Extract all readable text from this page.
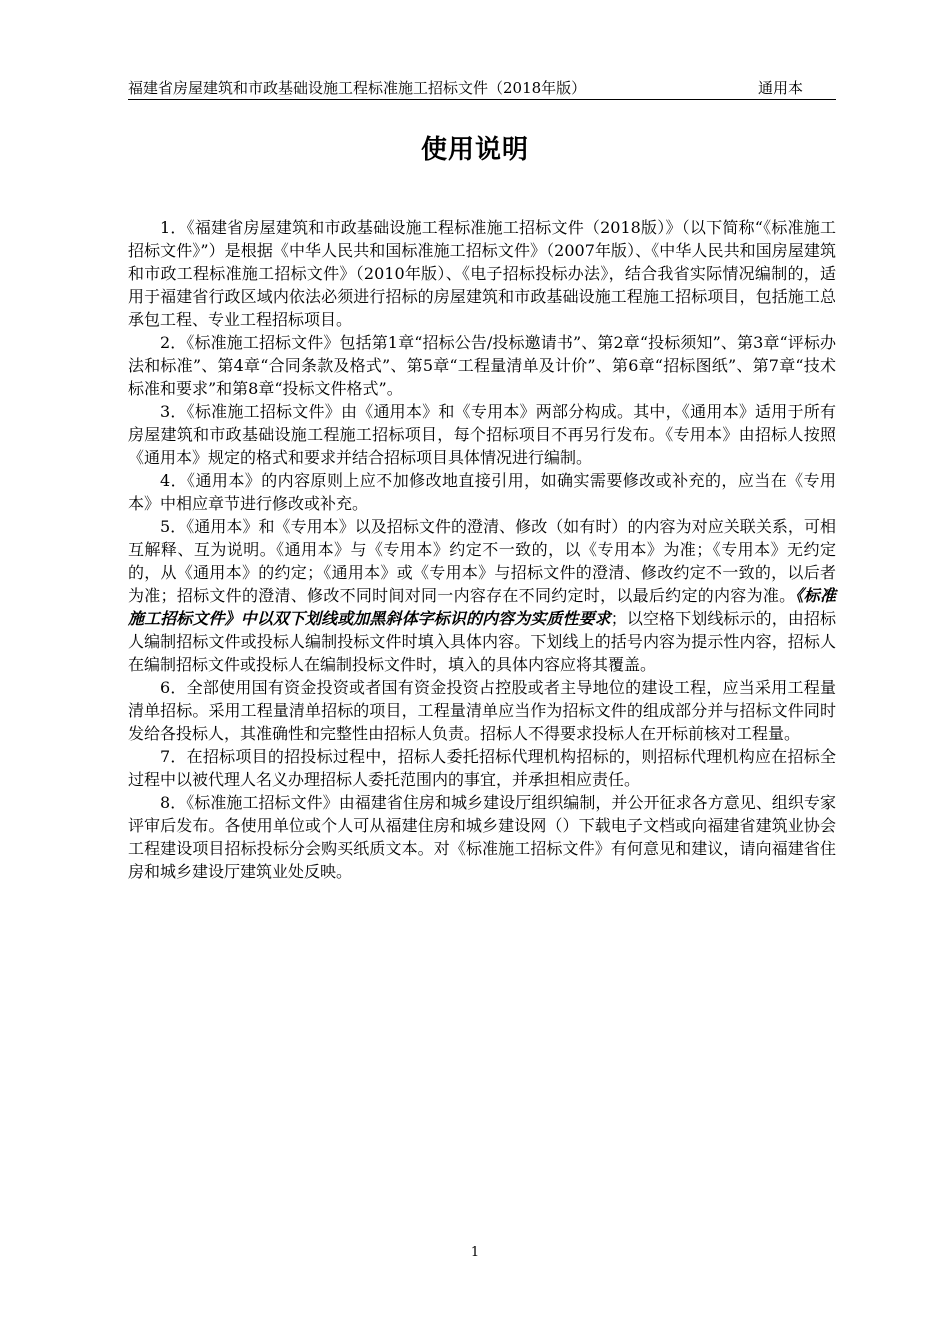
福建省房屋建筑和市政基础设施工程标准施工招标文件（2018年版）	通用本
使用说明

1．《福建省房屋建筑和市政基础设施工程标准施工招标文件（2018版）》（以下简称“《标准施工招标文件》”）是根据《中华人民共和国标准施工招标文件》（2007年版）、《中华人民共和国房屋建筑和市政工程标准施工招标文件》（2010年版）、《电子招标投标办法》，结合我省实际情况编制的，适用于福建省行政区域内依法必须进行招标的房屋建筑和市政基础设施工程施工招标项目，包括施工总承包工程、专业工程招标项目。

2．《标准施工招标文件》包括第1章“招标公告/投标邀请书”、第2章“投标须知”、第3章“评标办法和标准”、第4章“合同条款及格式”、第5章“工程量清单及计价”、第6章“招标图纸”、第7章“技术标准和要求”和第8章“投标文件格式”。

3．《标准施工招标文件》由《通用本》和《专用本》两部分构成。其中，《通用本》适用于所有房屋建筑和市政基础设施工程施工招标项目，每个招标项目不再另行发布。《专用本》由招标人按照《通用本》规定的格式和要求并结合招标项目具体情况进行编制。

4．《通用本》的内容原则上应不加修改地直接引用，如确实需要修改或补充的，应当在《专用本》中相应章节进行修改或补充。

5．《通用本》和《专用本》以及招标文件的澄清、修改（如有时）的内容为对应关联关系，可相互解释、互为说明。《通用本》与《专用本》约定不一致的，以《专用本》为准；《专用本》无约定的，从《通用本》的约定；《通用本》或《专用本》与招标文件的澄清、修改约定不一致的，以后者为准；招标文件的澄清、修改不同时间对同一内容存在不同约定时，以最后约定的内容为准。《标准施工招标文件》中以双下划线或加黑斜体字标识的内容为实质性要求；以空格下划线标示的，由招标人编制招标文件或投标人编制投标文件时填入具体内容。下划线上的括号内容为提示性内容，招标人在编制招标文件或投标人在编制投标文件时，填入的具体内容应将其覆盖。

6．全部使用国有资金投资或者国有资金投资占控股或者主导地位的建设工程，应当采用工程量清单招标。采用工程量清单招标的项目，工程量清单应当作为招标文件的组成部分并与招标文件同时发给各投标人，其准确性和完整性由招标人负责。招标人不得要求投标人在开标前核对工程量。

7．在招标项目的招投标过程中，招标人委托招标代理机构招标的，则招标代理机构应在招标全过程中以被代理人名义办理招标人委托范围内的事宜，并承担相应责任。

8．《标准施工招标文件》由福建省住房和城乡建设厅组织编制，并公开征求各方意见、组织专家评审后发布。各使用单位或个人可从福建住房和城乡建设网（）下载电子文档或向福建省建筑业协会工程建设项目招标投标分会购买纸质文本。对《标准施工招标文件》有何意见和建议，请向福建省住房和城乡建设厅建筑业处反映。

1
